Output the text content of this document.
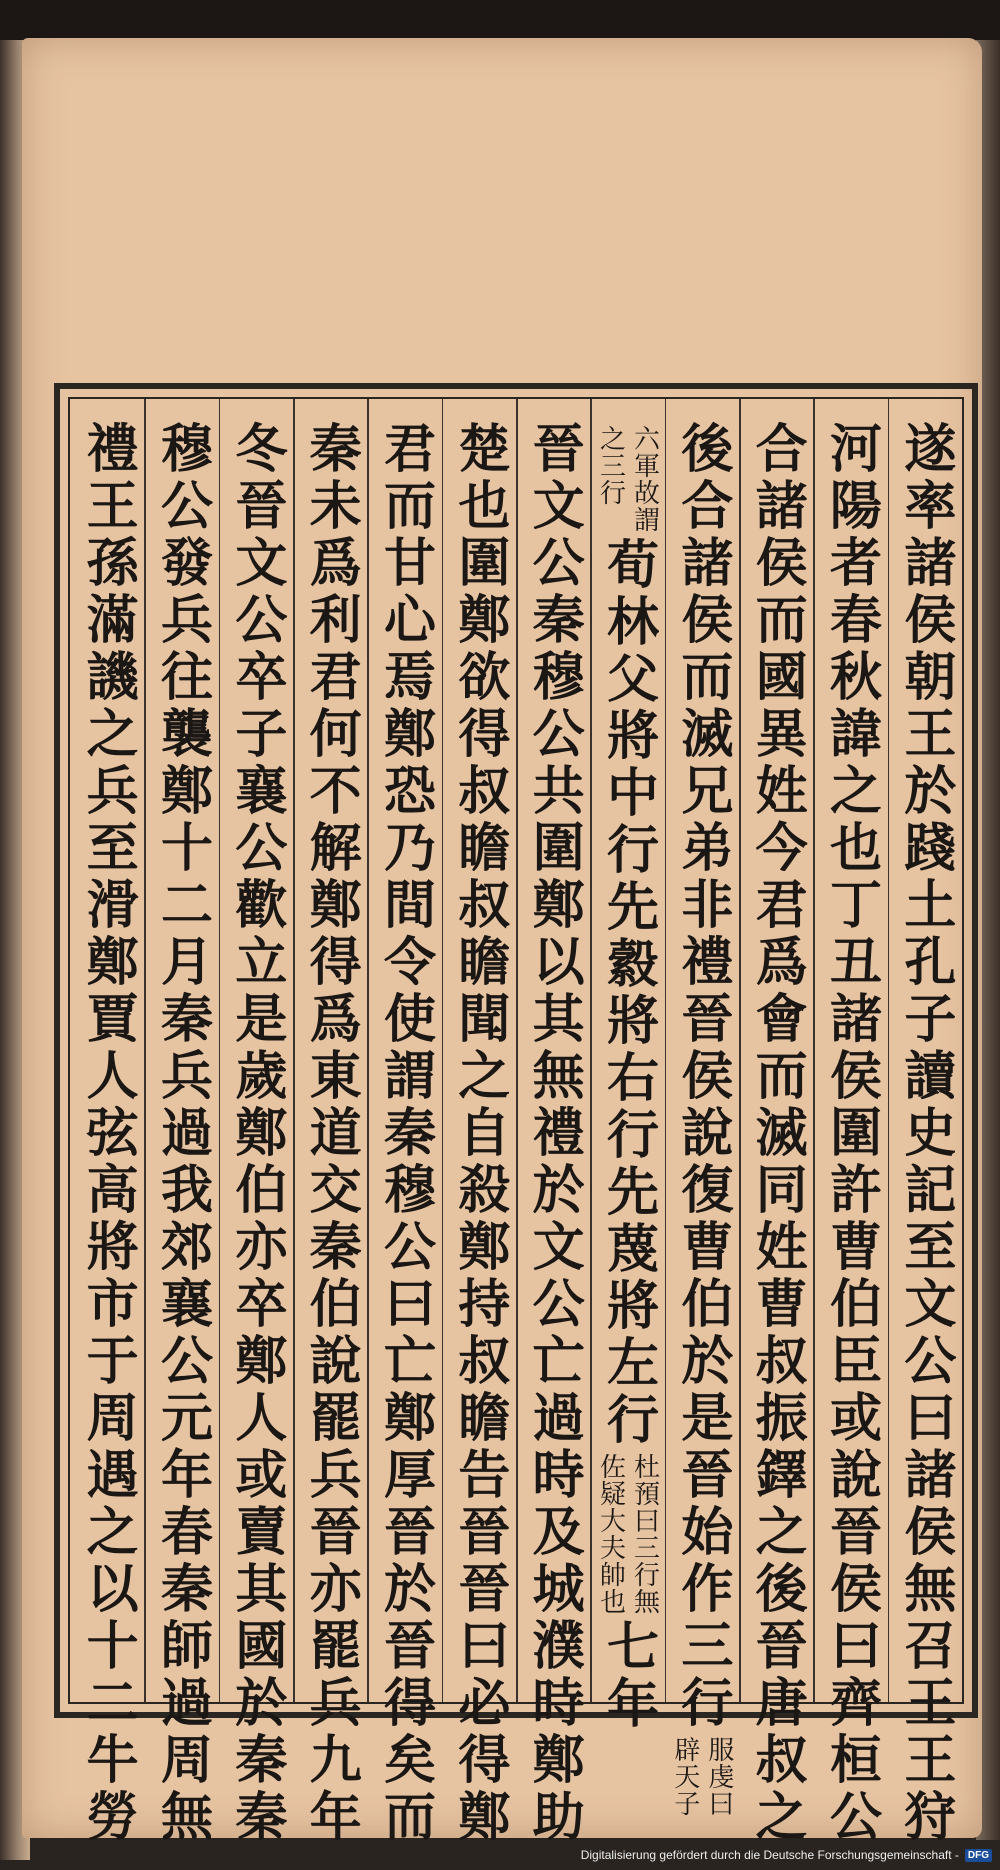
遂率諸侯朝王於踐土孔子讀史記至文公曰諸侯無召王王狩
河陽者春秋諱之也丁丑諸侯圍許曹伯臣或說晉侯曰齊桓公
合諸侯而國異姓今君爲會而滅同姓曹叔振鐸之後晉唐叔之
後合諸侯而滅兄弟非禮晉侯說復曹伯於是晉始作三行
服虔曰
辟天子
六軍故謂
之三行
荀林父將中行先縠將右行先蔑將左行
杜預曰三行無
佐疑大夫帥也
七年
晉文公秦穆公共圍鄭以其無禮於文公亡過時及城濮時鄭助
楚也圍鄭欲得叔瞻叔瞻聞之自殺鄭持叔瞻告晉晉曰必得鄭
君而甘心焉鄭恐乃間令使謂秦穆公曰亡鄭厚晉於晉得矣而
秦未爲利君何不解鄭得爲東道交秦伯說罷兵晉亦罷兵九年
冬晉文公卒子襄公歡立是歲鄭伯亦卒鄭人或賣其國於秦秦
穆公發兵往襲鄭十二月秦兵過我郊襄公元年春秦師過周無
禮王孫滿譏之兵至滑鄭賈人弦高將市于周遇之以十二牛勞
Digitalisierung gefördert durch die Deutsche Forschungsgemeinschaft - DFG
